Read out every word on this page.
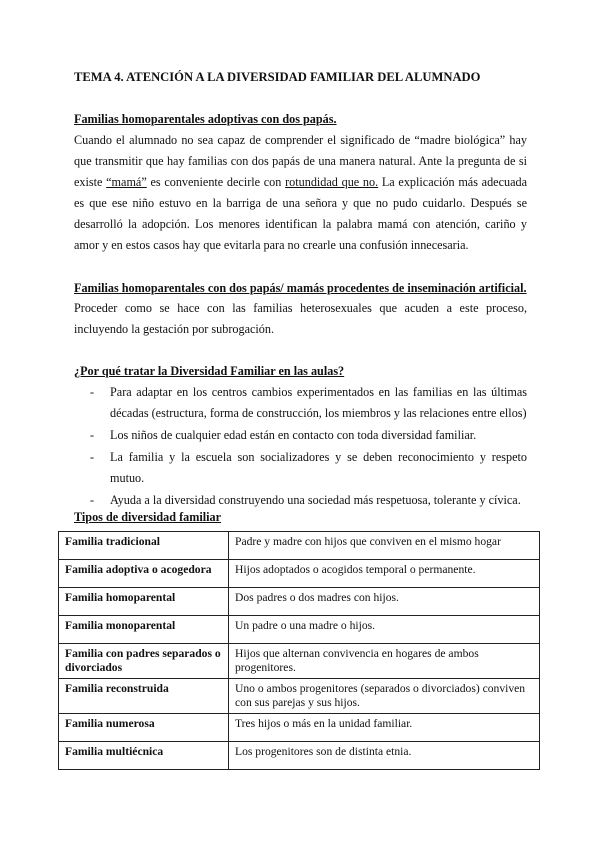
TEMA 4. ATENCIÓN A LA DIVERSIDAD FAMILIAR DEL ALUMNADO
Familias homoparentales adoptivas con dos papás.

Cuando el alumnado no sea capaz de comprender el significado de “madre biológica” hay que transmitir que hay familias con dos papás de una manera natural. Ante la pregunta de si existe “mamá” es conveniente decirle con rotundidad que no. La explicación más adecuada es que ese niño estuvo en la barriga de una señora y que no pudo cuidarlo. Después se desarrolló la adopción. Los menores identifican la palabra mamá con atención, cariño y amor y en estos casos hay que evitarla para no crearle una confusión innecesaria.

Familias homoparentales con dos papás/ mamás procedentes de inseminación artificial.

Proceder como se hace con las familias heterosexuales que acuden a este proceso, incluyendo la gestación por subrogación.

¿Por qué tratar la Diversidad Familiar en las aulas?
- Para adaptar en los centros cambios experimentados en las familias en las últimas décadas (estructura, forma de construcción, los miembros y las relaciones entre ellos)
- Los niños de cualquier edad están en contacto con toda diversidad familiar.
- La familia y la escuela son socializadores y se deben reconocimiento y respeto mutuo.
- Ayuda a la diversidad construyendo una sociedad más respetuosa, tolerante y cívica.
Tipos de diversidad familiar
Familia tradicional	Padre y madre con hijos que conviven en el mismo hogar
Familia adoptiva o acogedora	Hijos adoptados o acogidos temporal o permanente.
Familia homoparental	Dos padres o dos madres con hijos.
Familia monoparental	Un padre o una madre o hijos.
Familia con padres separados o divorciados	Hijos que alternan convivencia en hogares de ambos progenitores.
Familia reconstruida	Uno o ambos progenitores (separados o divorciados) conviven con sus parejas y sus hijos.
Familia numerosa	Tres hijos o más en la unidad familiar.
Familia multiécnica	Los progenitores son de distinta etnia.
